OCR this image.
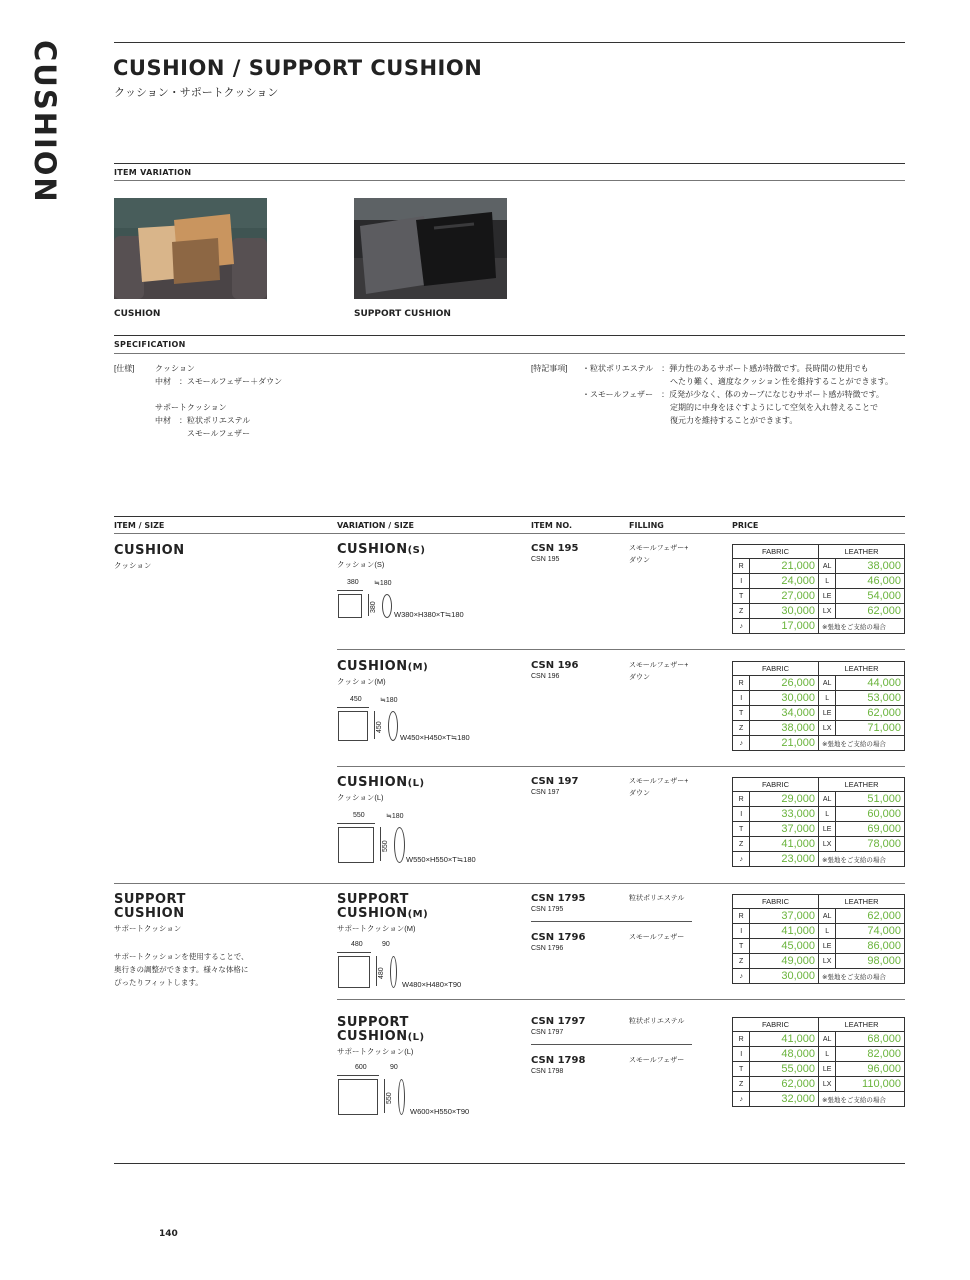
CUSHION CUSHION / SUPPORT CUSHION
クッション・サポートクッション
ITEM VARIATION
CUSHION	SUPPORT CUSHION
SPECIFICATION
[仕様]	クッション
中材　：スモールフェザー＋ダウン

サポートクッション
中材　：粒状ポリエステル
　　　　スモールフェザー
[特記事項] ・粒状ポリエステル　：弾力性のあるサポート感が特徴です。長時間の使用でも
　　　　　　　　　　　へたり難く、適度なクッション性を維持することができます。
・スモールフェザー　：反発が少なく、体のカーブになじむサポート感が特徴です。
　　　　　　　　　　　定期的に中身をほぐすようにして空気を入れ替えることで
　　　　　　　　　　　復元力を維持することができます。
ITEM / SIZE	VARIATION / SIZE	ITEM NO.	FILLING	PRICE
CUSHION
クッション
SUPPORT
CUSHION
サポートクッション
サポートクッションを使用することで、
奥行きの調整ができます。様々な体格に
ぴったりフィットします。
CUSHION(S)
クッション(S)
380 ≒180
380
W380×H380×T≒180
CSN 195
CSN 195
スモールフェザー+
ダウン
FABRIC		LEATHER	
R	21,000	AL	38,000
I	24,000	L	46,000
T	27,000	LE	54,000
Z	30,000	LX	62,000
♪	17,000	※張地をご支給の場合	
CUSHION(M)
クッション(M)
450	≒180
450
W450×H450×T≒180
CSN 196
CSN 196
スモールフェザー+
ダウン
FABRIC		LEATHER	
R	26,000	AL	44,000
I	30,000	L	53,000
T	34,000	LE	62,000
Z	38,000	LX	71,000
♪	21,000	※張地をご支給の場合	
CUSHION(L)
クッション(L)
550	≒180
550
W550×H550×T≒180
CSN 197
CSN 197
スモールフェザー+
ダウン
FABRIC		LEATHER	
R	29,000	AL	51,000
I	33,000	L	60,000
T	37,000	LE	69,000
Z	41,000	LX	78,000
♪	23,000	※張地をご支給の場合	
SUPPORT
CUSHION(M)
サポートクッション(M)
480	90
480
W480×H480×T90
CSN 1795
CSN 1795
粒状ポリエステル
CSN 1796
CSN 1796
スモールフェザー
FABRIC		LEATHER	
R	37,000	AL	62,000
I	41,000	L	74,000
T	45,000	LE	86,000
Z	49,000	LX	98,000
♪	30,000	※張地をご支給の場合	
SUPPORT
CUSHION(L)
サポートクッション(L)
600	90
550
W600×H550×T90
CSN 1797
CSN 1797
粒状ポリエステル
CSN 1798
CSN 1798
スモールフェザー
FABRIC		LEATHER	
R	41,000	AL	68,000
I	48,000	L	82,000
T	55,000	LE	96,000
Z	62,000	LX	110,000
♪	32,000	※張地をご支給の場合	
140
